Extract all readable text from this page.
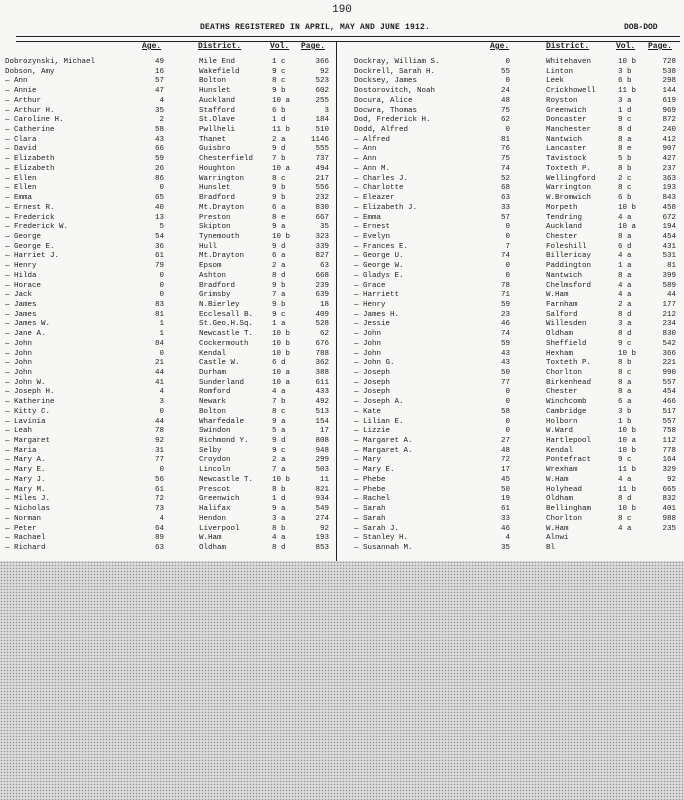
190
DEATHS REGISTERED IN APRIL, MAY AND JUNE 1912.	DOB-DOD
Age.	District.	Vol. Page.
Dobrozynski, Michael	49	Mile End	1 c	366
Dobson, Amy	16	Wakefield	9 c	92
— Ann	57	Bolton	8 c	523
— Annie	47	Hunslet	9 b	602
— Arthur	4	Auckland	10 a	255
— Arthur H.	35	Stafford	6 b	3
— Caroline H.	2	St.Olave	1 d	184
— Catherine	58	Pwllheli	11 b	510
— Clara	43	Thanet	2 a	1146
— David	66	Guisbro	9 d	555
— Elizabeth	59	Chesterfield	7 b	737
— Elizabeth	26	Houghton	10 a	494
— Ellen	86	Warrington	8 c	217
— Ellen	0	Hunslet	9 b	556
— Emma	65	Bradford	9 b	232
— Ernest R.	40	Mt.Drayton	6 a	830
— Frederick	13	Preston	8 e	667
— Frederick W.	5	Skipton	9 a	35
— George	54	Tynemouth	10 b	323
— George E.	36	Hull	9 d	339
— Harriet J.	61	Mt.Drayton	6 a	827
— Henry	79	Epsom	2 a	63
— Hilda	0	Ashton	8 d	668
— Horace	0	Bradford	9 b	239
— Jack	0	Grimsby	7 a	639
— James	83	N.Bierley	9 b	18
— James	81	Ecclesall B.	9 c	409
— James W.	1	St.Geo.H.Sq.	1 a	528
— Jane A.	1	Newcastle T.	10 b	62
— John	84	Cockermouth	10 b	676
— John	0	Kendal	10 b	788
— John	21	Castle W.	6 d	362
— John	44	Durham	10 a	388
— John W.	41	Sunderland	10 a	611
— Joseph H.	4	Romford	4 a	433
— Katherine	3	Newark	7 b	492
— Kitty C.	0	Bolton	8 c	513
— Lavinia	44	Wharfedale	9 a	154
— Leah	78	Swindon	5 a	17
— Margaret	92	Richmond Y.	9 d	808
— Maria	31	Selby	9 c	948
— Mary A.	77	Croydon	2 a	299
— Mary E.	0	Lincoln	7 a	503
— Mary J.	56	Newcastle T.	10 b	11
— Mary M.	61	Prescot	8 b	821
— Miles J.	72	Greenwich	1 d	934
— Nicholas	73	Halifax	9 a	549
— Norman	4	Hendon	3 a	274
— Peter	64	Liverpool	8 b	92
— Rachael	89	W.Ham	4 a	193
— Richard	63	Oldham	8 d	853
Age.	District.	Vol. Page.
Dockray, William S.	0	Whitehaven	10 b	728
Dockrell, Sarah H.	55	Linton	3 b	538
Docksey, James	0	Leek	6 b	298
Dostorovitch, Noah	24	Crickhowell	11 b	144
Docura, Alice	48	Royston	3 a	619
Docwra, Thomas	75	Greenwich	1 d	969
Dod, Frederick H.	62	Doncaster	9 c	872
Dodd, Alfred	0	Manchester	8 d	240
— Alfred	81	Nantwich	8 a	412
— Ann	76	Lancaster	8 e	907
— Ann	75	Tavistock	5 b	427
— Ann M.	74	Toxteth P.	8 b	237
— Charles J.	52	Wellingford	2 c	363
— Charlotte	68	Warrington	8 c	193
— Eleazer	63	W.Bromwich	6 b	843
— Elizabeth J.	33	Morpeth	10 b	458
— Emma	57	Tendring	4 a	672
— Ernest	0	Auckland	10 a	194
— Evelyn	0	Chester	8 a	454
— Frances E.	7	Foleshill	6 d	431
— George U.	74	Billericay	4 a	531
— George W.	0	Paddington	1 a	81
— Gladys E.	0	Nantwich	8 a	399
— Grace	78	Chelmsford	4 a	589
— Harriett	71	W.Ham	4 a	44
— Henry	59	Farnham	2 a	177
— James H.	23	Salford	8 d	212
— Jessie	46	Willesden	3 a	234
— John	74	Oldham	8 d	830
— John	59	Sheffield	9 c	542
— John	43	Hexham	10 b	366
— John G.	43	Toxteth P.	8 b	221
— Joseph	50	Chorlton	8 c	990
— Joseph	77	Birkenhead	8 a	557
— Joseph	0	Chester	8 a	454
— Joseph A.	0	Winchcomb	6 a	466
— Kate	58	Cambridge	3 b	517
— Lilian E.	0	Holborn	1 b	557
— Lizzie	0	W.Ward	10 b	758
— Margaret A.	27	Hartlepool	10 a	112
— Margaret A.	48	Kendal	10 b	778
— Mary	72	Pontefract	9 c	164
— Mary E.	17	Wrexham	11 b	329
— Phebe	45	W.Ham	4 a	92
— Phebe	50	Holyhead	11 b	665
— Rachel	19	Oldham	8 d	832
— Sarah	61	Bellingham	10 b	401
— Sarah	33	Chorlton	8 c	988
— Sarah J.	46	W.Ham	4 a	235
— Stanley H.	4	Alnwi
— Susannah M.	35	Bl
